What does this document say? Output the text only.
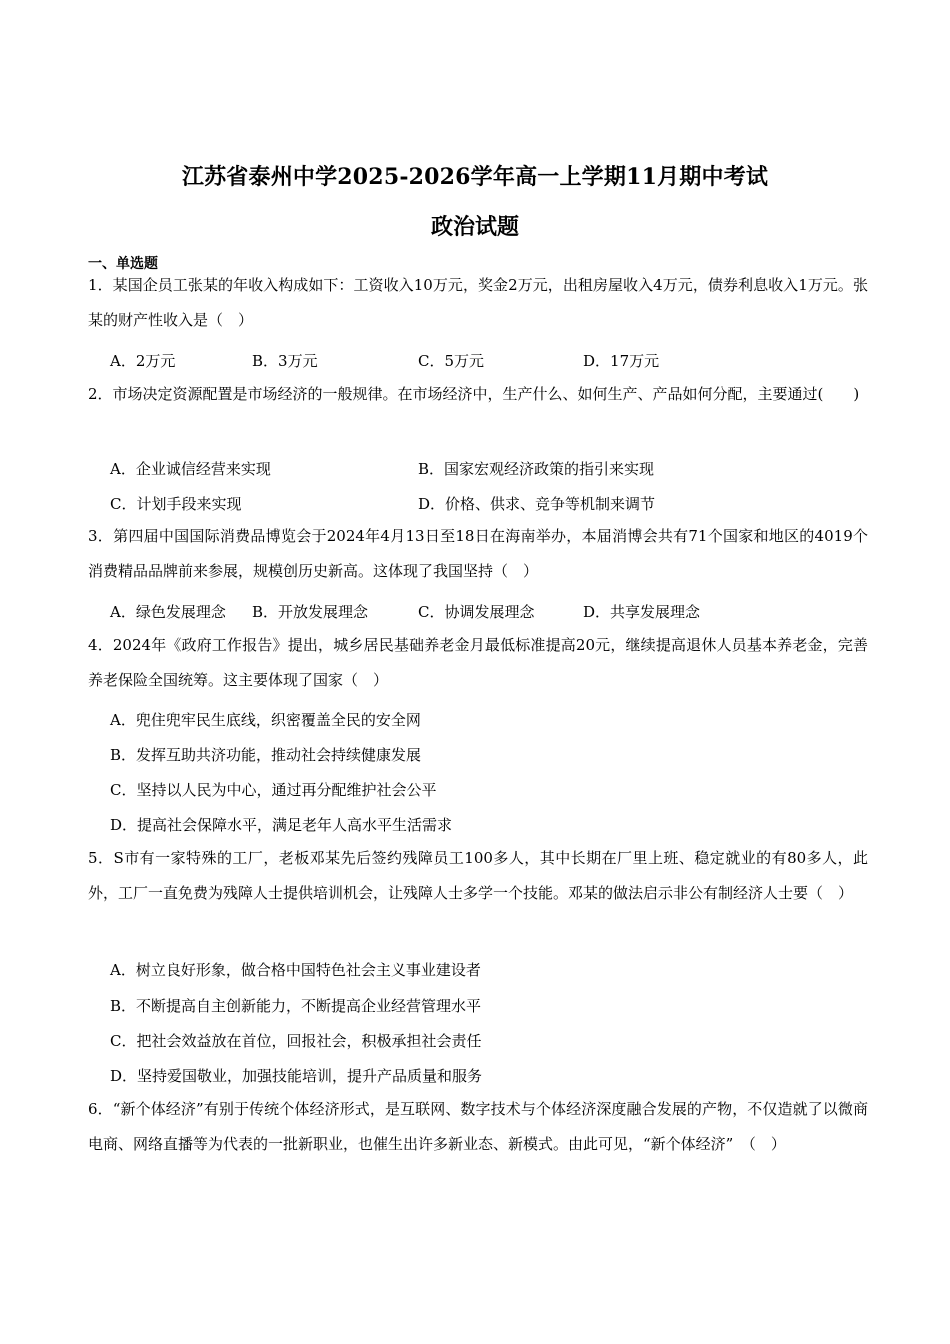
江苏省泰州中学2025-2026学年高一上学期11月期中考试
政治试题
一、单选题
1．某国企员工张某的年收入构成如下：工资收入10万元，奖金2万元，出租房屋收入4万元，债券利息收入1万元。张某的财产性收入是（　）
A．2万元	B．3万元	C．5万元	D．17万元
2．市场决定资源配置是市场经济的一般规律。在市场经济中，生产什么、如何生产、产品如何分配，主要通过(　　)
A．企业诚信经营来实现	B．国家宏观经济政策的指引来实现
C．计划手段来实现	D．价格、供求、竞争等机制来调节
3．第四届中国国际消费品博览会于2024年4月13日至18日在海南举办，本届消博会共有71个国家和地区的4019个消费精品品牌前来参展，规模创历史新高。这体现了我国坚持（　）
A．绿色发展理念 B．开放发展理念	C．协调发展理念	D．共享发展理念
4．2024年《政府工作报告》提出，城乡居民基础养老金月最低标准提高20元，继续提高退休人员基本养老金，完善养老保险全国统筹。这主要体现了国家（　）
A．兜住兜牢民生底线，织密覆盖全民的安全网
B．发挥互助共济功能，推动社会持续健康发展
C．坚持以人民为中心，通过再分配维护社会公平
D．提高社会保障水平，满足老年人高水平生活需求
5．S市有一家特殊的工厂，老板邓某先后签约残障员工100多人，其中长期在厂里上班、稳定就业的有80多人，此外，工厂一直免费为残障人士提供培训机会，让残障人士多学一个技能。邓某的做法启示非公有制经济人士要（　）
A．树立良好形象，做合格中国特色社会主义事业建设者
B．不断提高自主创新能力，不断提高企业经营管理水平
C．把社会效益放在首位，回报社会，积极承担社会责任
D．坚持爱国敬业，加强技能培训，提升产品质量和服务
6．“新个体经济”有别于传统个体经济形式，是互联网、数字技术与个体经济深度融合发展的产物，不仅造就了以微商电商、网络直播等为代表的一批新职业，也催生出许多新业态、新模式。由此可见，“新个体经济”　（　）
